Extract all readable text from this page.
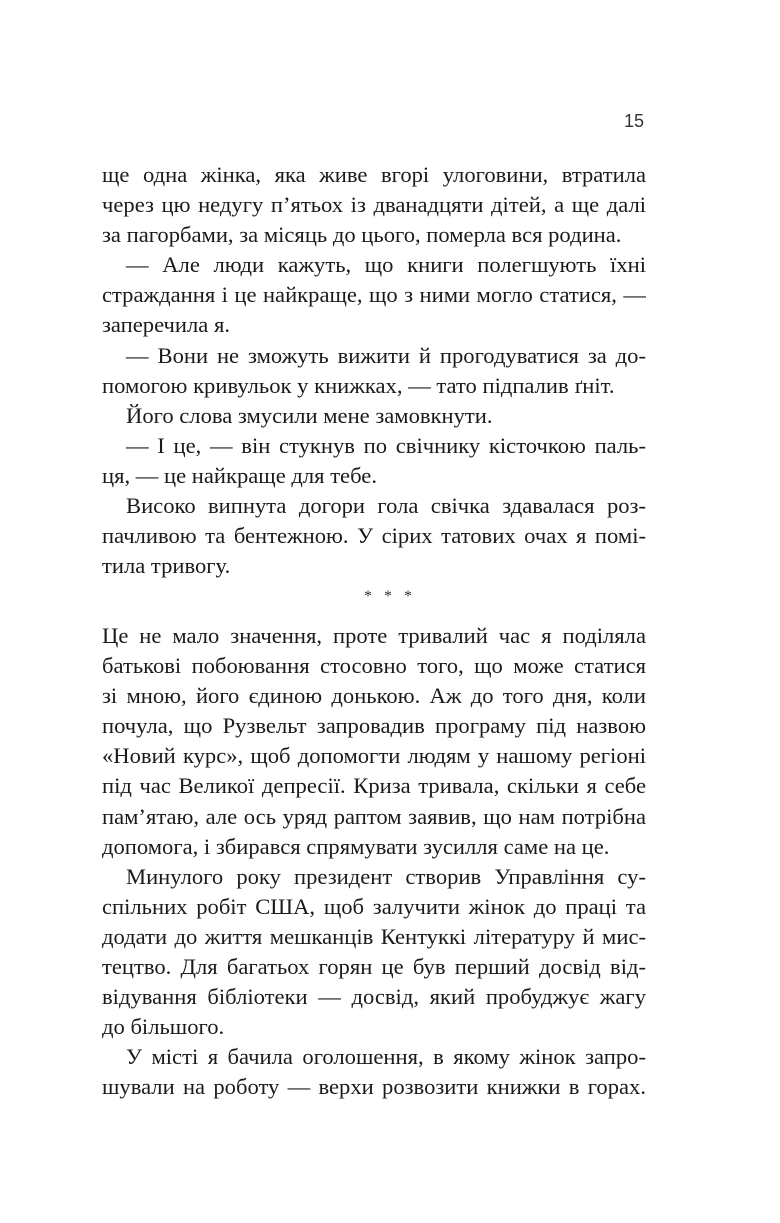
15
ще одна жінка, яка живе вгорі улоговини, втратила
через цю недугу п’ятьох із дванадцяти дітей, а ще далі
за пагорбами, за місяць до цього, померла вся родина.
— Але люди кажуть, що книги полегшують їхні
страждання і це найкраще, що з ними могло статися, —
заперечила я.
— Вони не зможуть вижити й прогодуватися за до-
помогою кривульок у книжках, — тато підпалив ґніт.
Його слова змусили мене замовкнути.
— І це, — він стукнув по свічнику кісточкою паль-
ця, — це найкраще для тебе.
Високо випнута догори гола свічка здавалася роз-
пачливою та бентежною. У сірих татових очах я помі-
тила тривогу.
* * *
Це не мало значення, проте тривалий час я поділяла
батькові побоювання стосовно того, що може статися
зі мною, його єдиною донькою. Аж до того дня, коли
почула, що Рузвельт запровадив програму під назвою
«Новий курс», щоб допомогти людям у нашому регіоні
під час Великої депресії. Криза тривала, скільки я себе
пам’ятаю, але ось уряд раптом заявив, що нам потрібна
допомога, і збирався спрямувати зусилля саме на це.
Минулого року президент створив Управління су-
спільних робіт США, щоб залучити жінок до праці та
додати до життя мешканців Кентуккі літературу й мис-
тецтво. Для багатьох горян це був перший досвід від-
відування бібліотеки — досвід, який пробуджує жагу
до більшого.
У місті я бачила оголошення, в якому жінок запро-
шували на роботу — верхи розвозити книжки в горах.
